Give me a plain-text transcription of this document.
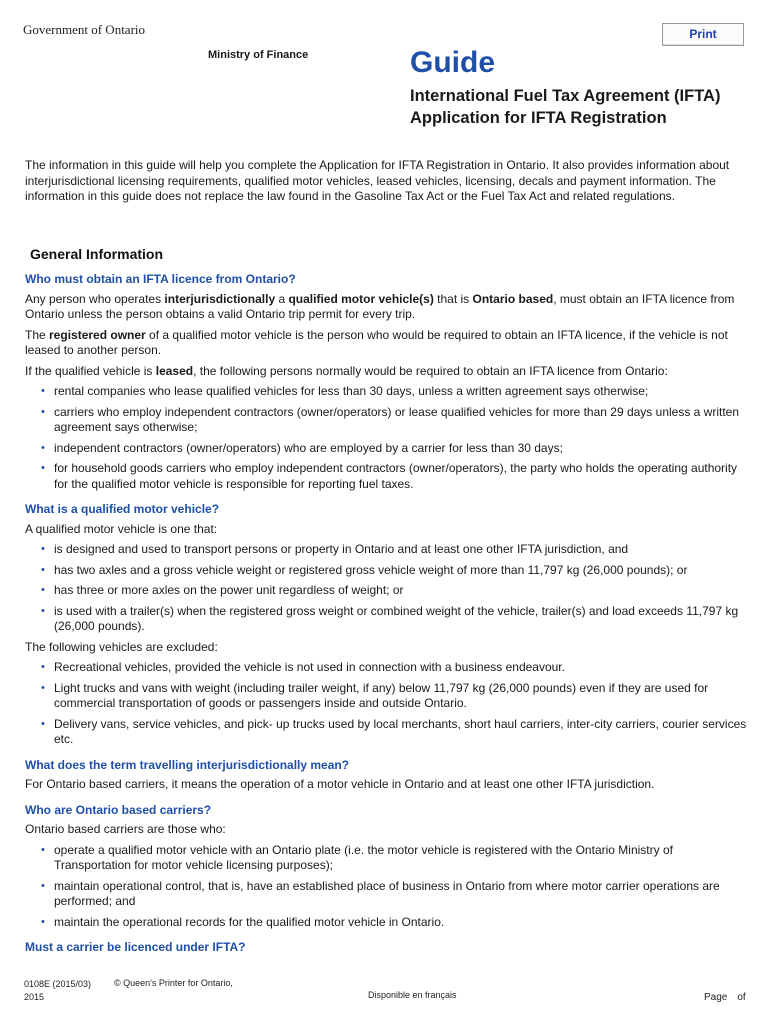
Government of Ontario
Ministry of Finance
Print
Guide
International Fuel Tax Agreement (IFTA)
Application for IFTA Registration
The information in this guide will help you complete the Application for IFTA Registration in Ontario. It also provides information about interjurisdictional licensing requirements, qualified motor vehicles, leased vehicles, licensing, decals and payment information. The information in this guide does not replace the law found in the Gasoline Tax Act or the Fuel Tax Act and related regulations.
General Information
Who must obtain an IFTA licence from Ontario?

Any person who operates interjurisdictionally a qualified motor vehicle(s) that is Ontario based, must obtain an IFTA licence from Ontario unless the person obtains a valid Ontario trip permit for every trip.

The registered owner of a qualified motor vehicle is the person who would be required to obtain an IFTA licence, if the vehicle is not leased to another person.

If the qualified vehicle is leased, the following persons normally would be required to obtain an IFTA licence from Ontario:

• rental companies who lease qualified vehicles for less than 30 days, unless a written agreement says otherwise;
• carriers who employ independent contractors (owner/operators) or lease qualified vehicles for more than 29 days unless a written agreement says otherwise;
• independent contractors (owner/operators) who are employed by a carrier for less than 30 days;
• for household goods carriers who employ independent contractors (owner/operators), the party who holds the operating authority for the qualified motor vehicle is responsible for reporting fuel taxes.
What is a qualified motor vehicle?

A qualified motor vehicle is one that:

• is designed and used to transport persons or property in Ontario and at least one other IFTA jurisdiction, and
• has two axles and a gross vehicle weight or registered gross vehicle weight of more than 11,797 kg (26,000 pounds); or
• has three or more axles on the power unit regardless of weight; or
• is used with a trailer(s) when the registered gross weight or combined weight of the vehicle, trailer(s) and load exceeds 11,797 kg (26,000 pounds).

The following vehicles are excluded:

• Recreational vehicles, provided the vehicle is not used in connection with a business endeavour.
• Light trucks and vans with weight (including trailer weight, if any) below 11,797 kg (26,000 pounds) even if they are used for commercial transportation of goods or passengers inside and outside Ontario.
• Delivery vans, service vehicles, and pick- up trucks used by local merchants, short haul carriers, inter-city carriers, courier services etc.
What does the term travelling interjurisdictionally mean?

For Ontario based carriers, it means the operation of a motor vehicle in Ontario and at least one other IFTA jurisdiction.

Who are Ontario based carriers?

Ontario based carriers are those who:

• operate a qualified motor vehicle with an Ontario plate (i.e. the motor vehicle is registered with the Ontario Ministry of Transportation for motor vehicle licensing purposes);
• maintain operational control, that is, have an established place of business in Ontario from where motor carrier operations are performed; and
• maintain the operational records for the qualified motor vehicle in Ontario.
Must a carrier be licenced under IFTA?
0108E (2015/03)
2015
© Queen's Printer for Ontario,
Disponible en français	Page of
